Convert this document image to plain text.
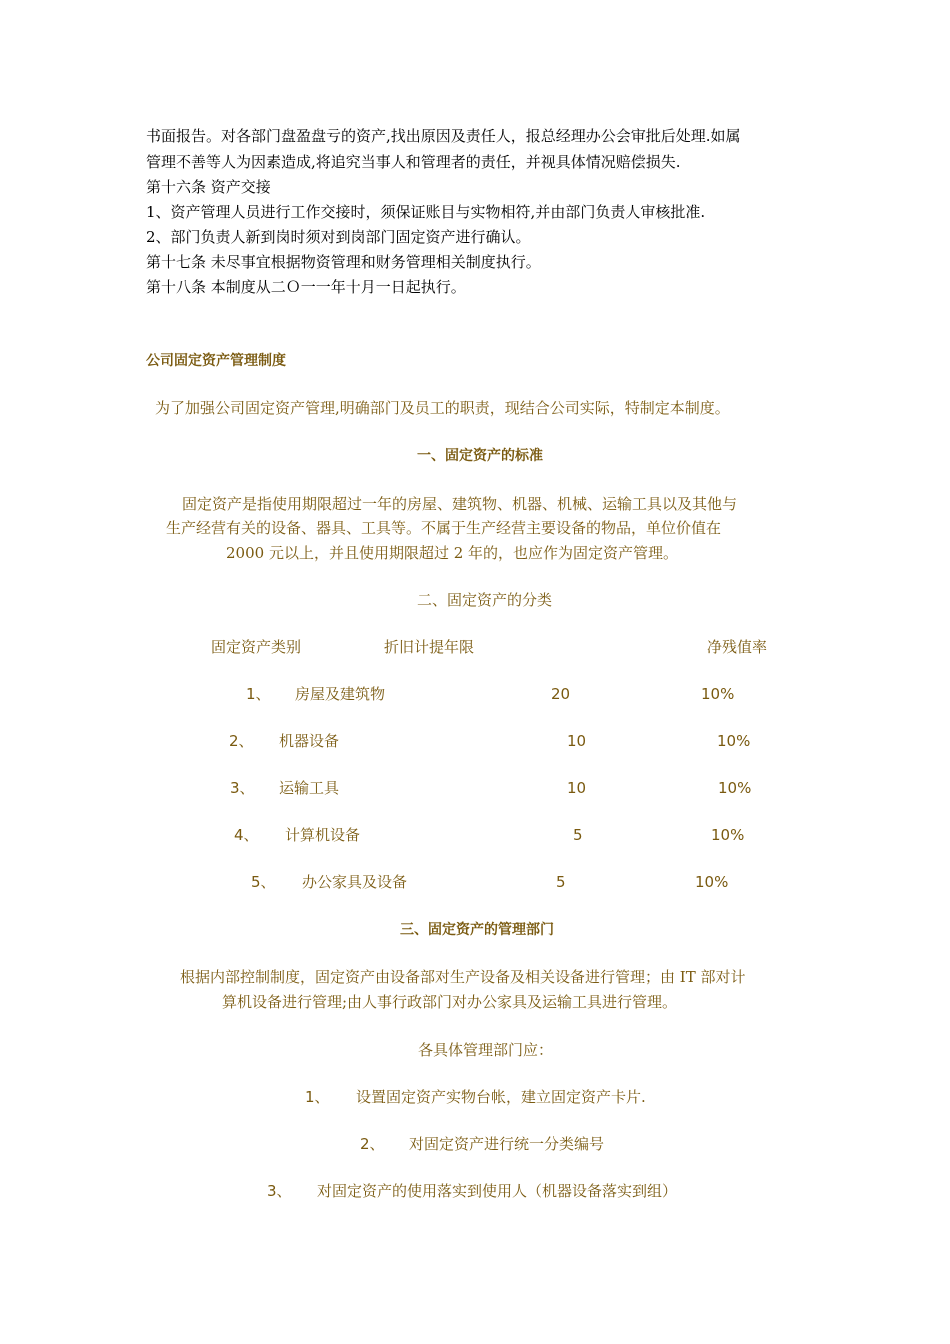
书面报告。对各部门盘盈盘亏的资产,找出原因及责任人，报总经理办公会审批后处理.如属
管理不善等人为因素造成,将追究当事人和管理者的责任，并视具体情况赔偿损失.
第十六条 资产交接
1、资产管理人员进行工作交接时，须保证账目与实物相符,并由部门负责人审核批准.
2、部门负责人新到岗时须对到岗部门固定资产进行确认。
第十七条 未尽事宜根据物资管理和财务管理相关制度执行。
第十八条 本制度从二Ｏ一一年十月一日起执行。
公司固定资产管理制度
为了加强公司固定资产管理,明确部门及员工的职责，现结合公司实际，特制定本制度。
一、固定资产的标准
固定资产是指使用期限超过一年的房屋、建筑物、机器、机械、运输工具以及其他与
生产经营有关的设备、器具、工具等。不属于生产经营主要设备的物品，单位价值在
2000 元以上，并且使用期限超过 2 年的，也应作为固定资产管理。
二、固定资产的分类
固定资产类别	折旧计提年限	净残值率
1、 房屋及建筑物	20	10%
2、 机器设备	10	10%
3、 运输工具	10	10%
4、 计算机设备	5	10%
5、 办公家具及设备	5	10%
三、固定资产的管理部门
根据内部控制制度，固定资产由设备部对生产设备及相关设备进行管理；由 IT 部对计
算机设备进行管理;由人事行政部门对办公家具及运输工具进行管理。
各具体管理部门应：
1、 设置固定资产实物台帐，建立固定资产卡片.
2、 对固定资产进行统一分类编号
3、 对固定资产的使用落实到使用人（机器设备落实到组）
